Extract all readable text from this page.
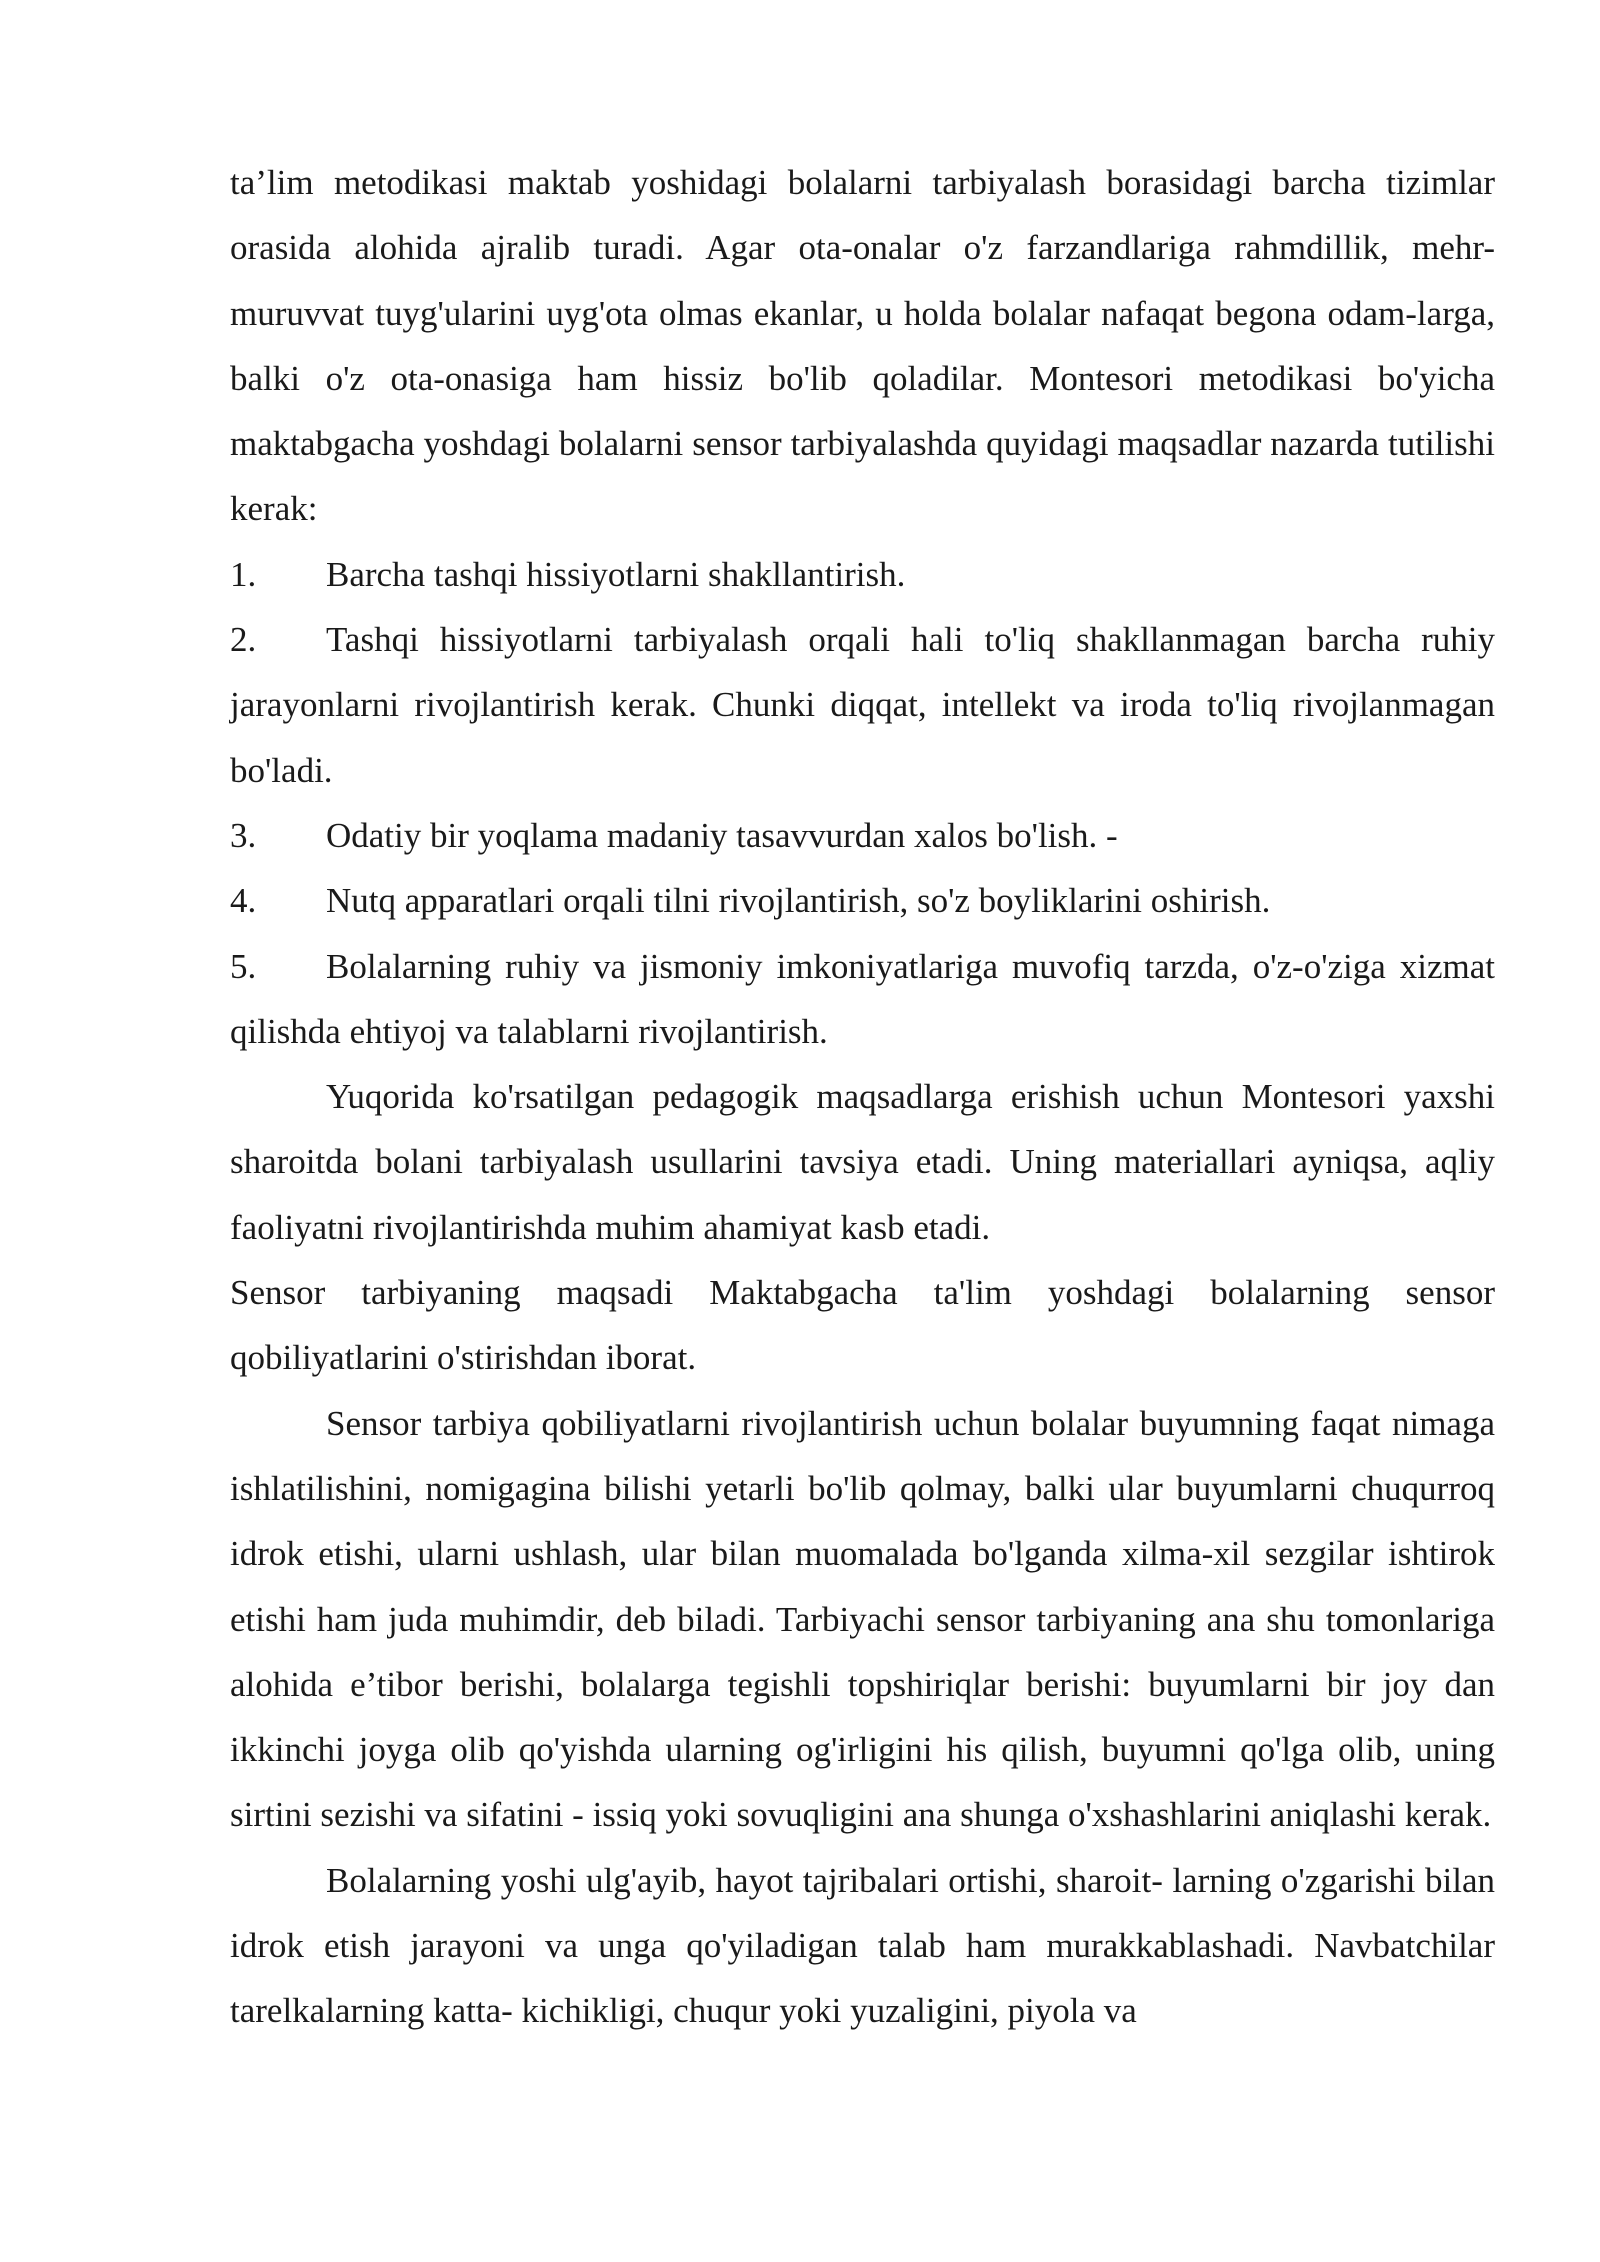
ta’lim metodikasi maktab yoshidagi bolalarni tarbiyalash borasidagi barcha tizimlar orasida alohida ajralib turadi. Agar ota-onalar o'z farzandlariga rahmdillik, mehr-muruvvat tuyg'ularini uyg'ota olmas ekanlar, u holda bolalar nafaqat begona odam-larga, balki o'z ota-onasiga ham hissiz bo'lib qoladilar. Montesori metodikasi bo'yicha maktabgacha yoshdagi bolalarni sensor tarbiyalashda quyidagi maqsadlar nazarda tutilishi kerak:

1. Barcha tashqi hissiyotlarni shakllantirish.

2. Tashqi hissiyotlarni tarbiyalash orqali hali to'liq shakllanmagan barcha ruhiy jarayonlarni rivojlantirish kerak. Chunki diqqat, intellekt va iroda to'liq rivojlanmagan bo'ladi.

3. Odatiy bir yoqlama madaniy tasavvurdan xalos bo'lish. -

4. Nutq apparatlari orqali tilni rivojlantirish, so'z boyliklarini oshirish.

5. Bolalarning ruhiy va jismoniy imkoniyatlariga muvofiq tarzda, o'z-o'ziga xizmat qilishda ehtiyoj va talablarni rivojlantirish.

Yuqorida ko'rsatilgan pedagogik maqsadlarga erishish uchun Montesori yaxshi sharoitda bolani tarbiyalash usullarini tavsiya etadi. Uning materiallari ayniqsa, aqliy faoliyatni rivojlantirishda muhim ahamiyat kasb etadi.

Sensor tarbiyaning maqsadi Maktabgacha ta'lim yoshdagi bolalarning sensor qobiliyatlarini o'stirishdan iborat.

Sensor tarbiya qobiliyatlarni rivojlantirish uchun bolalar buyumning faqat nimaga ishlatilishini, nomigagina bilishi yetarli bo'lib qolmay, balki ular buyumlarni chuqurroq idrok etishi, ularni ushlash, ular bilan muomalada bo'lganda xilma-xil sezgilar ishtirok etishi ham juda muhimdir, deb biladi. Tarbiyachi sensor tarbiyaning ana shu tomonlariga alohida e’tibor berishi, bolalarga tegishli topshiriqlar berishi: buyumlarni bir joy dan ikkinchi joyga olib qo'yishda ularning og'irligini his qilish, buyumni qo'lga olib, uning sirtini sezishi va sifatini - issiq yoki sovuqligini ana shunga o'xshashlarini aniqlashi kerak.

Bolalarning yoshi ulg'ayib, hayot tajribalari ortishi, sharoit- larning o'zgarishi bilan idrok etish jarayoni va unga qo'yiladigan talab ham murakkablashadi. Navbatchilar tarelkalarning katta- kichikligi, chuqur yoki yuzaligini, piyola va
